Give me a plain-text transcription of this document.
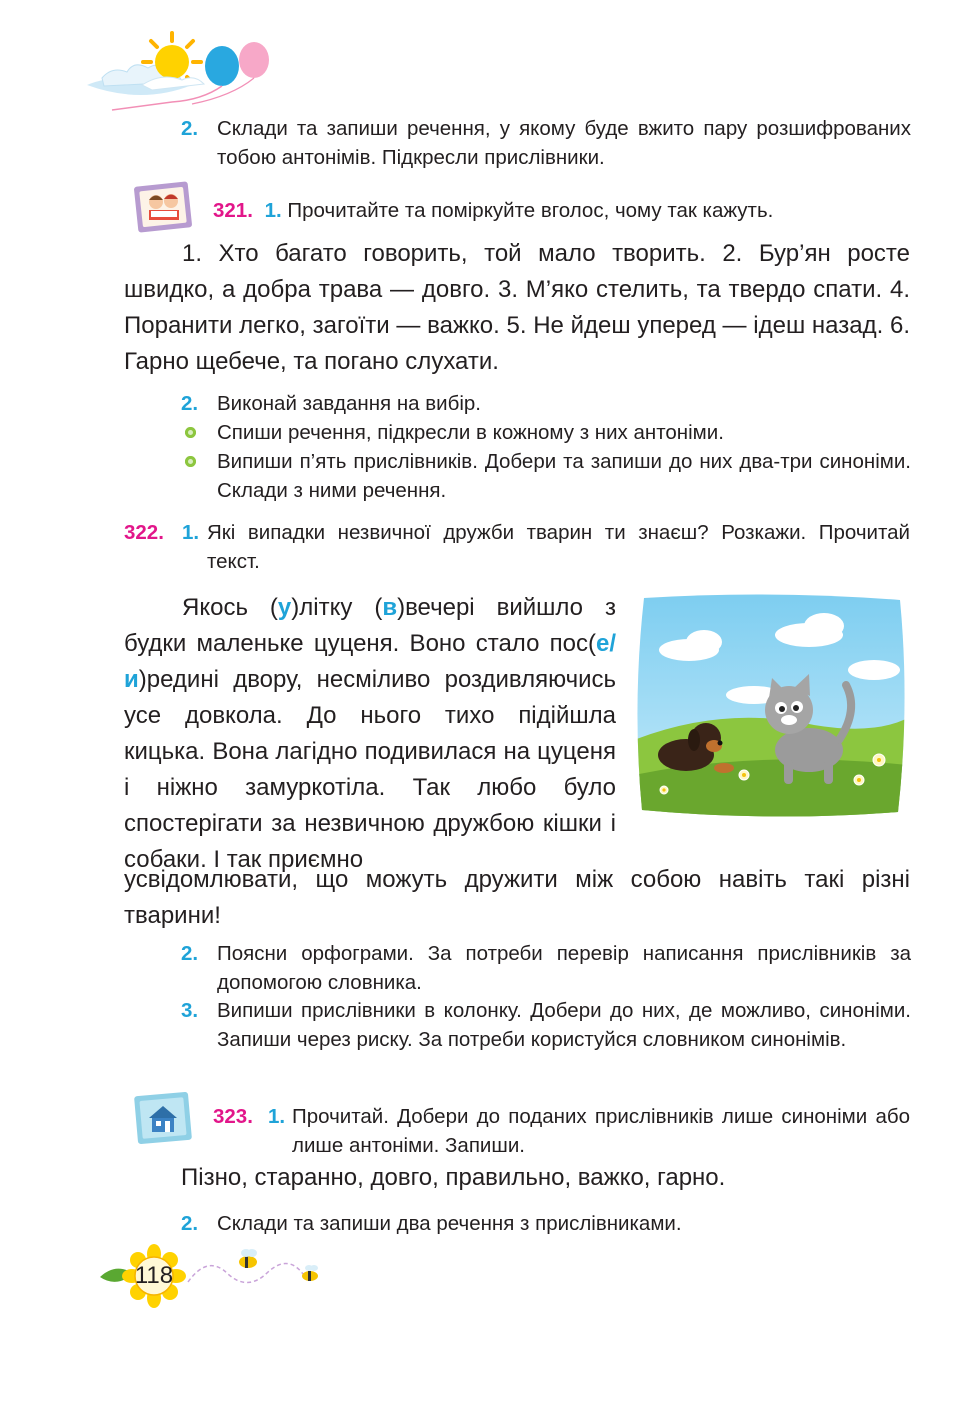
2. Склади та запиши речення, у якому буде вжито пару розшифрованих тобою антонімів. Підкресли прислівники.
321. 1. Прочитайте та поміркуйте вголос, чому так кажуть.
1. Хто багато говорить, той мало творить. 2. Бур’ян росте швидко, а добра трава — довго. 3. М’яко стелить, та твердо спати. 4. Поранити легко, загоїти — важко. 5. Не йдеш уперед — ідеш назад. 6. Гарно щебече, та погано слухати.
2. Виконай завдання на вибір.
Спиши речення, підкресли в кожному з них антоніми.
Випиши п’ять прислівників. Добери та запиши до них два-три синоніми. Склади з ними речення.
322. 1. Які випадки незвичної дружби тварин ти знаєш? Розкажи. Прочитай текст.
Якось (у)літку (в)вечері вийшло з будки маленьке цуценя. Воно стало пос(е/и)редині двору, несміливо роздивляючись усе довкола. До нього тихо підійшла кицька. Вона лагідно подивилася на цуценя і ніжно замуркотіла. Так любо було спостерігати за незвичною дружбою кішки і собаки. І так приємно
усвідомлювати, що можуть дружити між собою навіть такі різні тварини!
2. Поясни орфограми. За потреби перевір написання прислівників за допомогою словника.
3. Випиши прислівники в колонку. Добери до них, де можливо, синоніми. Запиши через риску. За потреби користуйся словником синонімів.
323. 1. Прочитай. Добери до поданих прислівників лише синоніми або лише антоніми. Запиши.
Пізно, старанно, довго, правильно, важко, гарно.
2. Склади та запиши два речення з прислівниками.
118
